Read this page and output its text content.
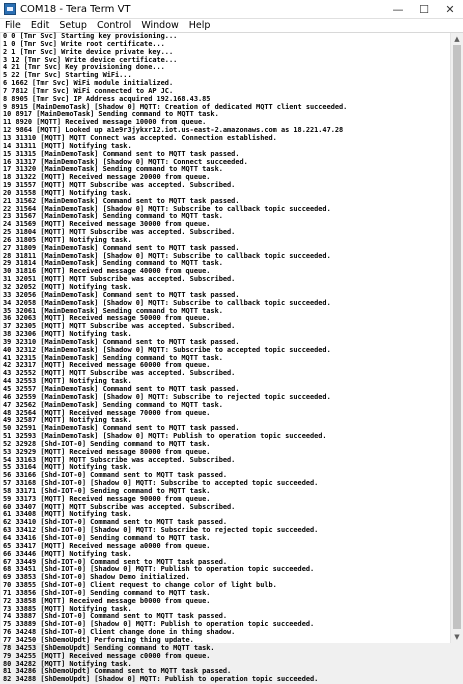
COM18 - Tera Term VT	—	☐	✕
File	Edit	Setup	Control	Window	Help
0 0 [Tmr Svc] Starting key provisioning...
1 0 [Tmr Svc] Write root certificate...
2 1 [Tmr Svc] Write device private key...
3 12 [Tmr Svc] Write device certificate...
4 21 [Tmr Svc] Key provisioning done...
5 22 [Tmr Svc] Starting WiFi...
6 1662 [Tmr Svc] WiFi module initialized.
7 7812 [Tmr Svc] WiFi connected to AP JC.
8 8905 [Tmr Svc] IP Address acquired 192.168.43.85
9 8915 [MainDemoTask] [Shadow 0] MQTT: Creation of dedicated MQTT client succeeded.
10 8917 [MainDemoTask] Sending command to MQTT task.
11 8920 [MQTT] Received message 10000 from queue.
12 9864 [MQTT] Looked up a1e9r3jykxr12.iot.us-east-2.amazonaws.com as 18.221.47.28
13 31310 [MQTT] MQTT Connect was accepted. Connection established.
14 31311 [MQTT] Notifying task.
15 31315 [MainDemoTask] Command sent to MQTT task passed.
16 31317 [MainDemoTask] [Shadow 0] MQTT: Connect succeeded.
17 31320 [MainDemoTask] Sending command to MQTT task.
18 31322 [MQTT] Received message 20000 from queue.
19 31557 [MQTT] MQTT Subscribe was accepted. Subscribed.
20 31558 [MQTT] Notifying task.
21 31562 [MainDemoTask] Command sent to MQTT task passed.
22 31564 [MainDemoTask] [Shadow 0] MQTT: Subscribe to callback topic succeeded.
23 31567 [MainDemoTask] Sending command to MQTT task.
24 31569 [MQTT] Received message 30000 from queue.
25 31804 [MQTT] MQTT Subscribe was accepted. Subscribed.
26 31805 [MQTT] Notifying task.
27 31809 [MainDemoTask] Command sent to MQTT task passed.
28 31811 [MainDemoTask] [Shadow 0] MQTT: Subscribe to callback topic succeeded.
29 31814 [MainDemoTask] Sending command to MQTT task.
30 31816 [MQTT] Received message 40000 from queue.
31 32051 [MQTT] MQTT Subscribe was accepted. Subscribed.
32 32052 [MQTT] Notifying task.
33 32056 [MainDemoTask] Command sent to MQTT task passed.
34 32058 [MainDemoTask] [Shadow 0] MQTT: Subscribe to callback topic succeeded.
35 32061 [MainDemoTask] Sending command to MQTT task.
36 32063 [MQTT] Received message 50000 from queue.
37 32305 [MQTT] MQTT Subscribe was accepted. Subscribed.
38 32306 [MQTT] Notifying task.
39 32310 [MainDemoTask] Command sent to MQTT task passed.
40 32312 [MainDemoTask] [Shadow 0] MQTT: Subscribe to accepted topic succeeded.
41 32315 [MainDemoTask] Sending command to MQTT task.
42 32317 [MQTT] Received message 60000 from queue.
43 32552 [MQTT] MQTT Subscribe was accepted. Subscribed.
44 32553 [MQTT] Notifying task.
45 32557 [MainDemoTask] Command sent to MQTT task passed.
46 32559 [MainDemoTask] [Shadow 0] MQTT: Subscribe to rejected topic succeeded.
47 32562 [MainDemoTask] Sending command to MQTT task.
48 32564 [MQTT] Received message 70000 from queue.
49 32587 [MQTT] Notifying task.
50 32591 [MainDemoTask] Command sent to MQTT task passed.
51 32593 [MainDemoTask] [Shadow 0] MQTT: Publish to operation topic succeeded.
52 32928 [Shd-IOT-0] Sending command to MQTT task.
53 32929 [MQTT] Received message 80000 from queue.
54 33163 [MQTT] MQTT Subscribe was accepted. Subscribed.
55 33164 [MQTT] Notifying task.
56 33166 [Shd-IOT-0] Command sent to MQTT task passed.
57 33168 [Shd-IOT-0] [Shadow 0] MQTT: Subscribe to accepted topic succeeded.
58 33171 [Shd-IOT-0] Sending command to MQTT task.
59 33173 [MQTT] Received message 90000 from queue.
60 33407 [MQTT] MQTT Subscribe was accepted. Subscribed.
61 33408 [MQTT] Notifying task.
62 33410 [Shd-IOT-0] Command sent to MQTT task passed.
63 33412 [Shd-IOT-0] [Shadow 0] MQTT: Subscribe to rejected topic succeeded.
64 33416 [Shd-IOT-0] Sending command to MQTT task.
65 33417 [MQTT] Received message a0000 from queue.
66 33446 [MQTT] Notifying task.
67 33449 [Shd-IOT-0] Command sent to MQTT task passed.
68 33451 [Shd-IOT-0] [Shadow 0] MQTT: Publish to operation topic succeeded.
69 33853 [Shd-IOT-0] Shadow Demo initialized.
70 33855 [Shd-IOT-0] Client request to change color of light bulb.
71 33856 [Shd-IOT-0] Sending command to MQTT task.
72 33858 [MQTT] Received message b0000 from queue.
73 33885 [MQTT] Notifying task.
74 33887 [Shd-IOT-0] Command sent to MQTT task passed.
75 33889 [Shd-IOT-0] [Shadow 0] MQTT: Publish to operation topic succeeded.
76 34248 [Shd-IOT-0] Client change done in thing shadow.
77 34250 [ShDemoUpdt] Performing thing update.
78 34253 [ShDemoUpdt] Sending command to MQTT task.
79 34255 [MQTT] Received message c0000 from queue.
80 34282 [MQTT] Notifying task.
81 34286 [ShDemoUpdt] Command sent to MQTT task passed.
82 34288 [ShDemoUpdt] [Shadow 0] MQTT: Publish to operation topic succeeded.
▲
▼
